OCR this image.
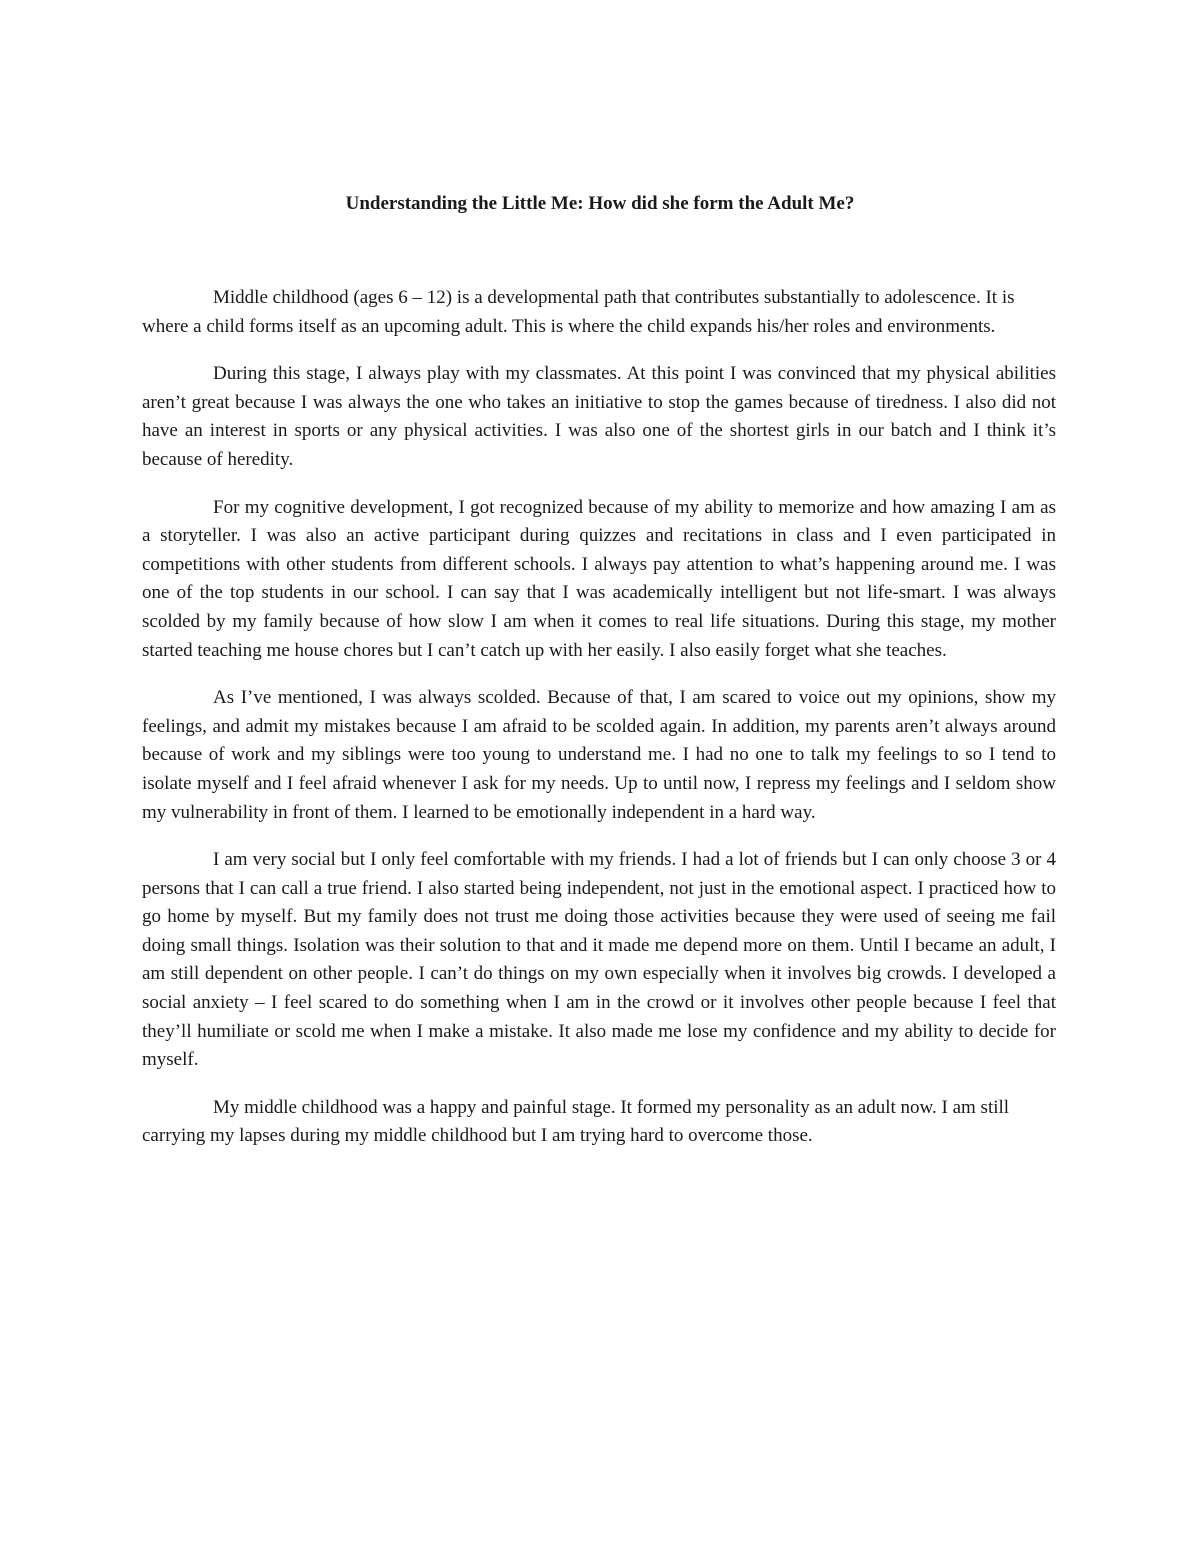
Understanding the Little Me: How did she form the Adult Me?

Middle childhood (ages 6 – 12) is a developmental path that contributes substantially to adolescence. It is where a child forms itself as an upcoming adult. This is where the child expands his/her roles and environments.

During this stage, I always play with my classmates. At this point I was convinced that my physical abilities aren’t great because I was always the one who takes an initiative to stop the games because of tiredness. I also did not have an interest in sports or any physical activities. I was also one of the shortest girls in our batch and I think it’s because of heredity.

For my cognitive development, I got recognized because of my ability to memorize and how amazing I am as a storyteller. I was also an active participant during quizzes and recitations in class and I even participated in competitions with other students from different schools. I always pay attention to what’s happening around me. I was one of the top students in our school. I can say that I was academically intelligent but not life-smart. I was always scolded by my family because of how slow I am when it comes to real life situations. During this stage, my mother started teaching me house chores but I can’t catch up with her easily. I also easily forget what she teaches.

As I’ve mentioned, I was always scolded. Because of that, I am scared to voice out my opinions, show my feelings, and admit my mistakes because I am afraid to be scolded again. In addition, my parents aren’t always around because of work and my siblings were too young to understand me. I had no one to talk my feelings to so I tend to isolate myself and I feel afraid whenever I ask for my needs. Up to until now, I repress my feelings and I seldom show my vulnerability in front of them. I learned to be emotionally independent in a hard way.

I am very social but I only feel comfortable with my friends. I had a lot of friends but I can only choose 3 or 4 persons that I can call a true friend. I also started being independent, not just in the emotional aspect. I practiced how to go home by myself. But my family does not trust me doing those activities because they were used of seeing me fail doing small things. Isolation was their solution to that and it made me depend more on them. Until I became an adult, I am still dependent on other people. I can’t do things on my own especially when it involves big crowds. I developed a social anxiety – I feel scared to do something when I am in the crowd or it involves other people because I feel that they’ll humiliate or scold me when I make a mistake. It also made me lose my confidence and my ability to decide for myself.

My middle childhood was a happy and painful stage. It formed my personality as an adult now. I am still carrying my lapses during my middle childhood but I am trying hard to overcome those.
